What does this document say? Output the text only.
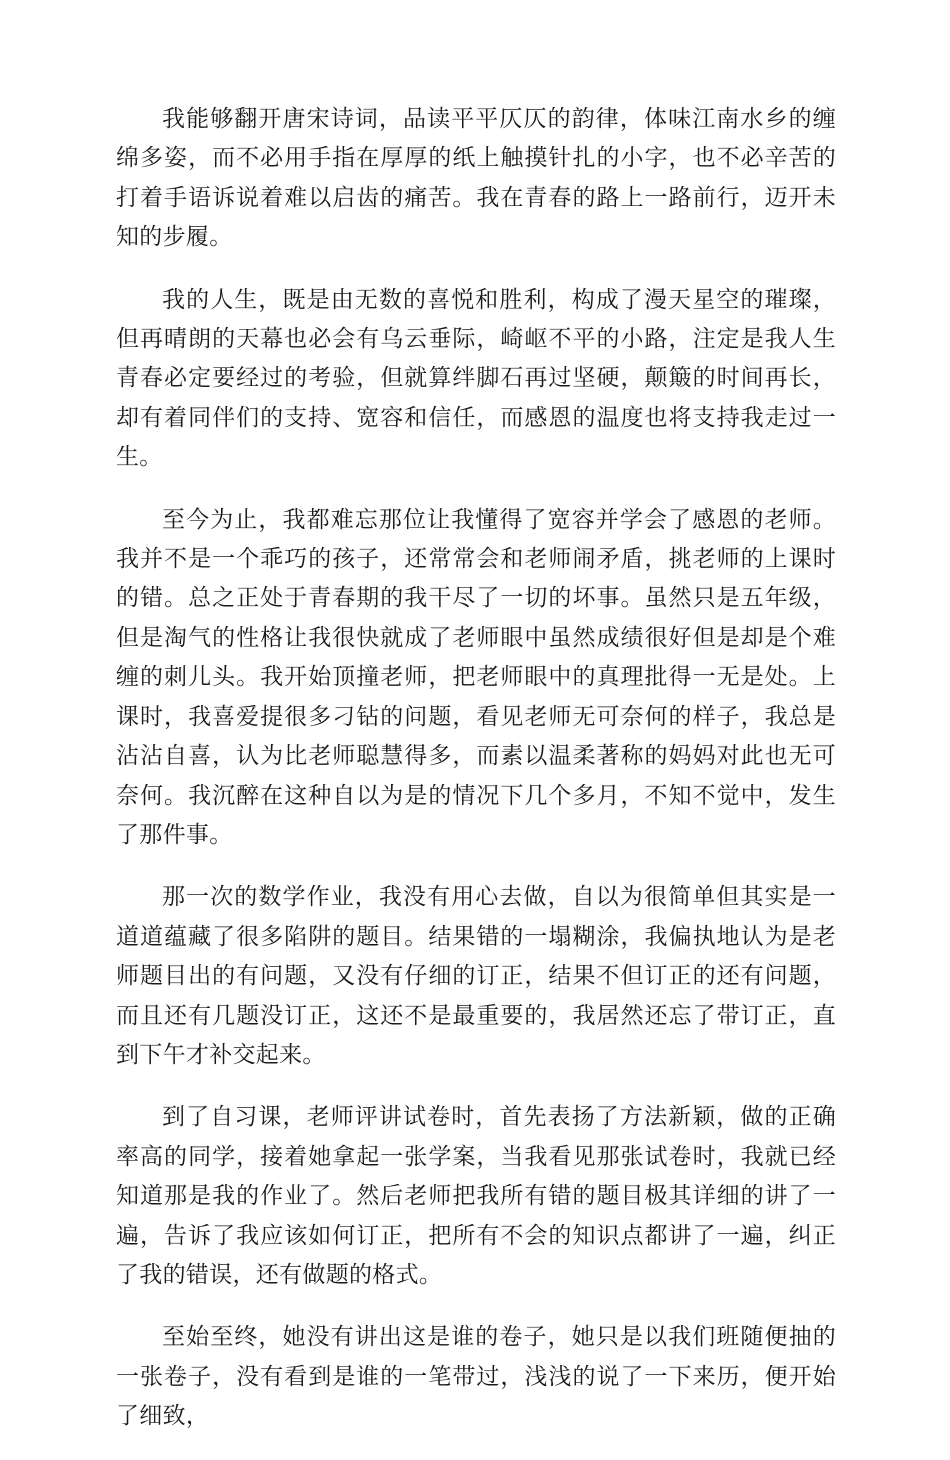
我能够翻开唐宋诗词，品读平平仄仄的韵律，体味江南水乡的缠绵多姿，而不必用手指在厚厚的纸上触摸针扎的小字，也不必辛苦的打着手语诉说着难以启齿的痛苦。我在青春的路上一路前行，迈开未知的步履。

我的人生，既是由无数的喜悦和胜利，构成了漫天星空的璀璨，但再晴朗的天幕也必会有乌云垂际，崎岖不平的小路，注定是我人生青春必定要经过的考验，但就算绊脚石再过坚硬，颠簸的时间再长，却有着同伴们的支持、宽容和信任，而感恩的温度也将支持我走过一生。

至今为止，我都难忘那位让我懂得了宽容并学会了感恩的老师。我并不是一个乖巧的孩子，还常常会和老师闹矛盾，挑老师的上课时的错。总之正处于青春期的我干尽了一切的坏事。虽然只是五年级，但是淘气的性格让我很快就成了老师眼中虽然成绩很好但是却是个难缠的刺儿头。我开始顶撞老师，把老师眼中的真理批得一无是处。上课时，我喜爱提很多刁钻的问题，看见老师无可奈何的样子，我总是沾沾自喜，认为比老师聪慧得多，而素以温柔著称的妈妈对此也无可奈何。我沉醉在这种自以为是的情况下几个多月，不知不觉中，发生了那件事。

那一次的数学作业，我没有用心去做，自以为很简单但其实是一道道蕴藏了很多陷阱的题目。结果错的一塌糊涂，我偏执地认为是老师题目出的有问题，又没有仔细的订正，结果不但订正的还有问题，而且还有几题没订正，这还不是最重要的，我居然还忘了带订正，直到下午才补交起来。

到了自习课，老师评讲试卷时，首先表扬了方法新颖，做的正确率高的同学，接着她拿起一张学案，当我看见那张试卷时，我就已经知道那是我的作业了。然后老师把我所有错的题目极其详细的讲了一遍，告诉了我应该如何订正，把所有不会的知识点都讲了一遍，纠正了我的错误，还有做题的格式。

至始至终，她没有讲出这是谁的卷子，她只是以我们班随便抽的一张卷子，没有看到是谁的一笔带过，浅浅的说了一下来历，便开始了细致，
